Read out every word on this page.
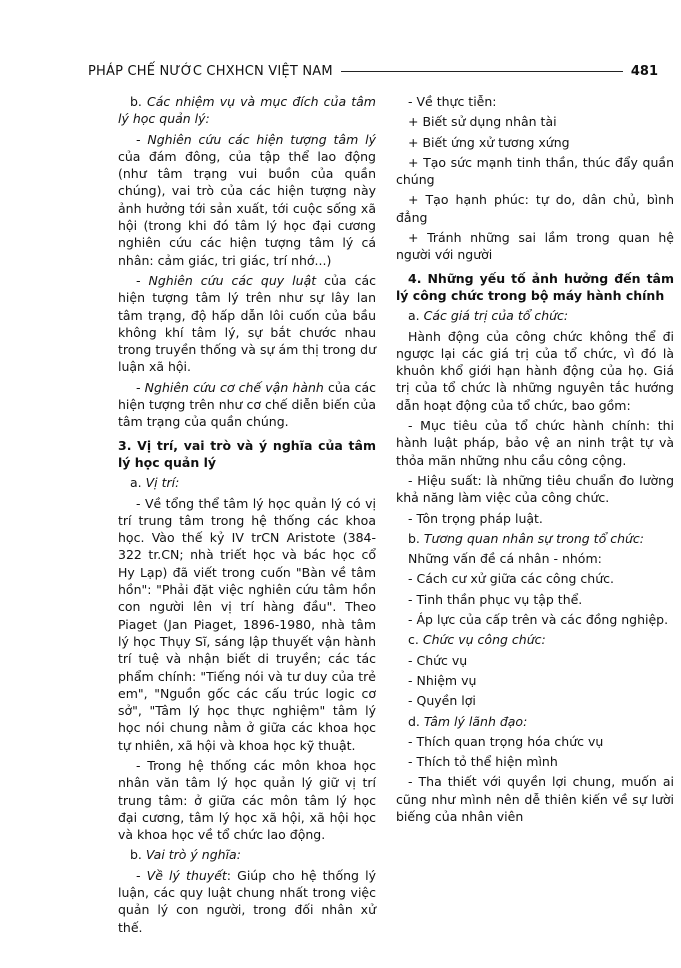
PHÁP CHẾ NƯỚC CHXHCN VIỆT NAM	481

b. Các nhiệm vụ và mục đích của tâm lý học quản lý:

- Nghiên cứu các hiện tượng tâm lý của đám đông, của tập thể lao động (như tâm trạng vui buồn của quần chúng), vai trò của các hiện tượng này ảnh hưởng tới sản xuất, tới cuộc sống xã hội (trong khi đó tâm lý học đại cương nghiên cứu các hiện tượng tâm lý cá nhân: cảm giác, tri giác, trí nhớ...)

- Nghiên cứu các quy luật của các hiện tượng tâm lý trên như sự lây lan tâm trạng, độ hấp dẫn lôi cuốn của bầu không khí tâm lý, sự bắt chước nhau trong truyền thống và sự ám thị trong dư luận xã hội.

- Nghiên cứu cơ chế vận hành của các hiện tượng trên như cơ chế diễn biến của tâm trạng của quần chúng.

3. Vị trí, vai trò và ý nghĩa của tâm lý học quản lý

a. Vị trí:

- Về tổng thể tâm lý học quản lý có vị trí trung tâm trong hệ thống các khoa học. Vào thế kỷ IV trCN Aristote (384-322 tr.CN; nhà triết học và bác học cổ Hy Lạp) đã viết trong cuốn "Bàn về tâm hồn": "Phải đặt việc nghiên cứu tâm hồn con người lên vị trí hàng đầu". Theo Piaget (Jan Piaget, 1896-1980, nhà tâm lý học Thụy Sĩ, sáng lập thuyết vận hành trí tuệ và nhận biết di truyền; các tác phẩm chính: "Tiếng nói và tư duy của trẻ em", "Nguồn gốc các cấu trúc logic cơ sở", "Tâm lý học thực nghiệm" tâm lý học nói chung nằm ở giữa các khoa học tự nhiên, xã hội và khoa học kỹ thuật.

- Trong hệ thống các môn khoa học nhân văn tâm lý học quản lý giữ vị trí trung tâm: ở giữa các môn tâm lý học đại cương, tâm lý học xã hội, xã hội học và khoa học về tổ chức lao động.

b. Vai trò ý nghĩa:

- Về lý thuyết: Giúp cho hệ thống lý luận, các quy luật chung nhất trong việc quản lý con người, trong đối nhân xử thế.

- Về thực tiễn:

+ Biết sử dụng nhân tài

+ Biết ứng xử tương xứng

+ Tạo sức mạnh tinh thần, thúc đẩy quần chúng

+ Tạo hạnh phúc: tự do, dân chủ, bình đẳng

+ Tránh những sai lầm trong quan hệ người với người

4. Những yếu tố ảnh hưởng đến tâm lý công chức trong bộ máy hành chính

a. Các giá trị của tổ chức:

Hành động của công chức không thể đi ngược lại các giá trị của tổ chức, vì đó là khuôn khổ giới hạn hành động của họ. Giá trị của tổ chức là những nguyên tắc hướng dẫn hoạt động của tổ chức, bao gồm:

- Mục tiêu của tổ chức hành chính: thi hành luật pháp, bảo vệ an ninh trật tự và thỏa mãn những nhu cầu công cộng.

- Hiệu suất: là những tiêu chuẩn đo lường khả năng làm việc của công chức.

- Tôn trọng pháp luật.

b. Tương quan nhân sự trong tổ chức:

Những vấn đề cá nhân - nhóm:

- Cách cư xử giữa các công chức.

- Tinh thần phục vụ tập thể.

- Áp lực của cấp trên và các đồng nghiệp.

c. Chức vụ công chức:

- Chức vụ

- Nhiệm vụ

- Quyền lợi

d. Tâm lý lãnh đạo:

- Thích quan trọng hóa chức vụ

- Thích tỏ thể hiện mình

- Tha thiết với quyền lợi chung, muốn ai cũng như mình nên dễ thiên kiến về sự lười biếng của nhân viên
